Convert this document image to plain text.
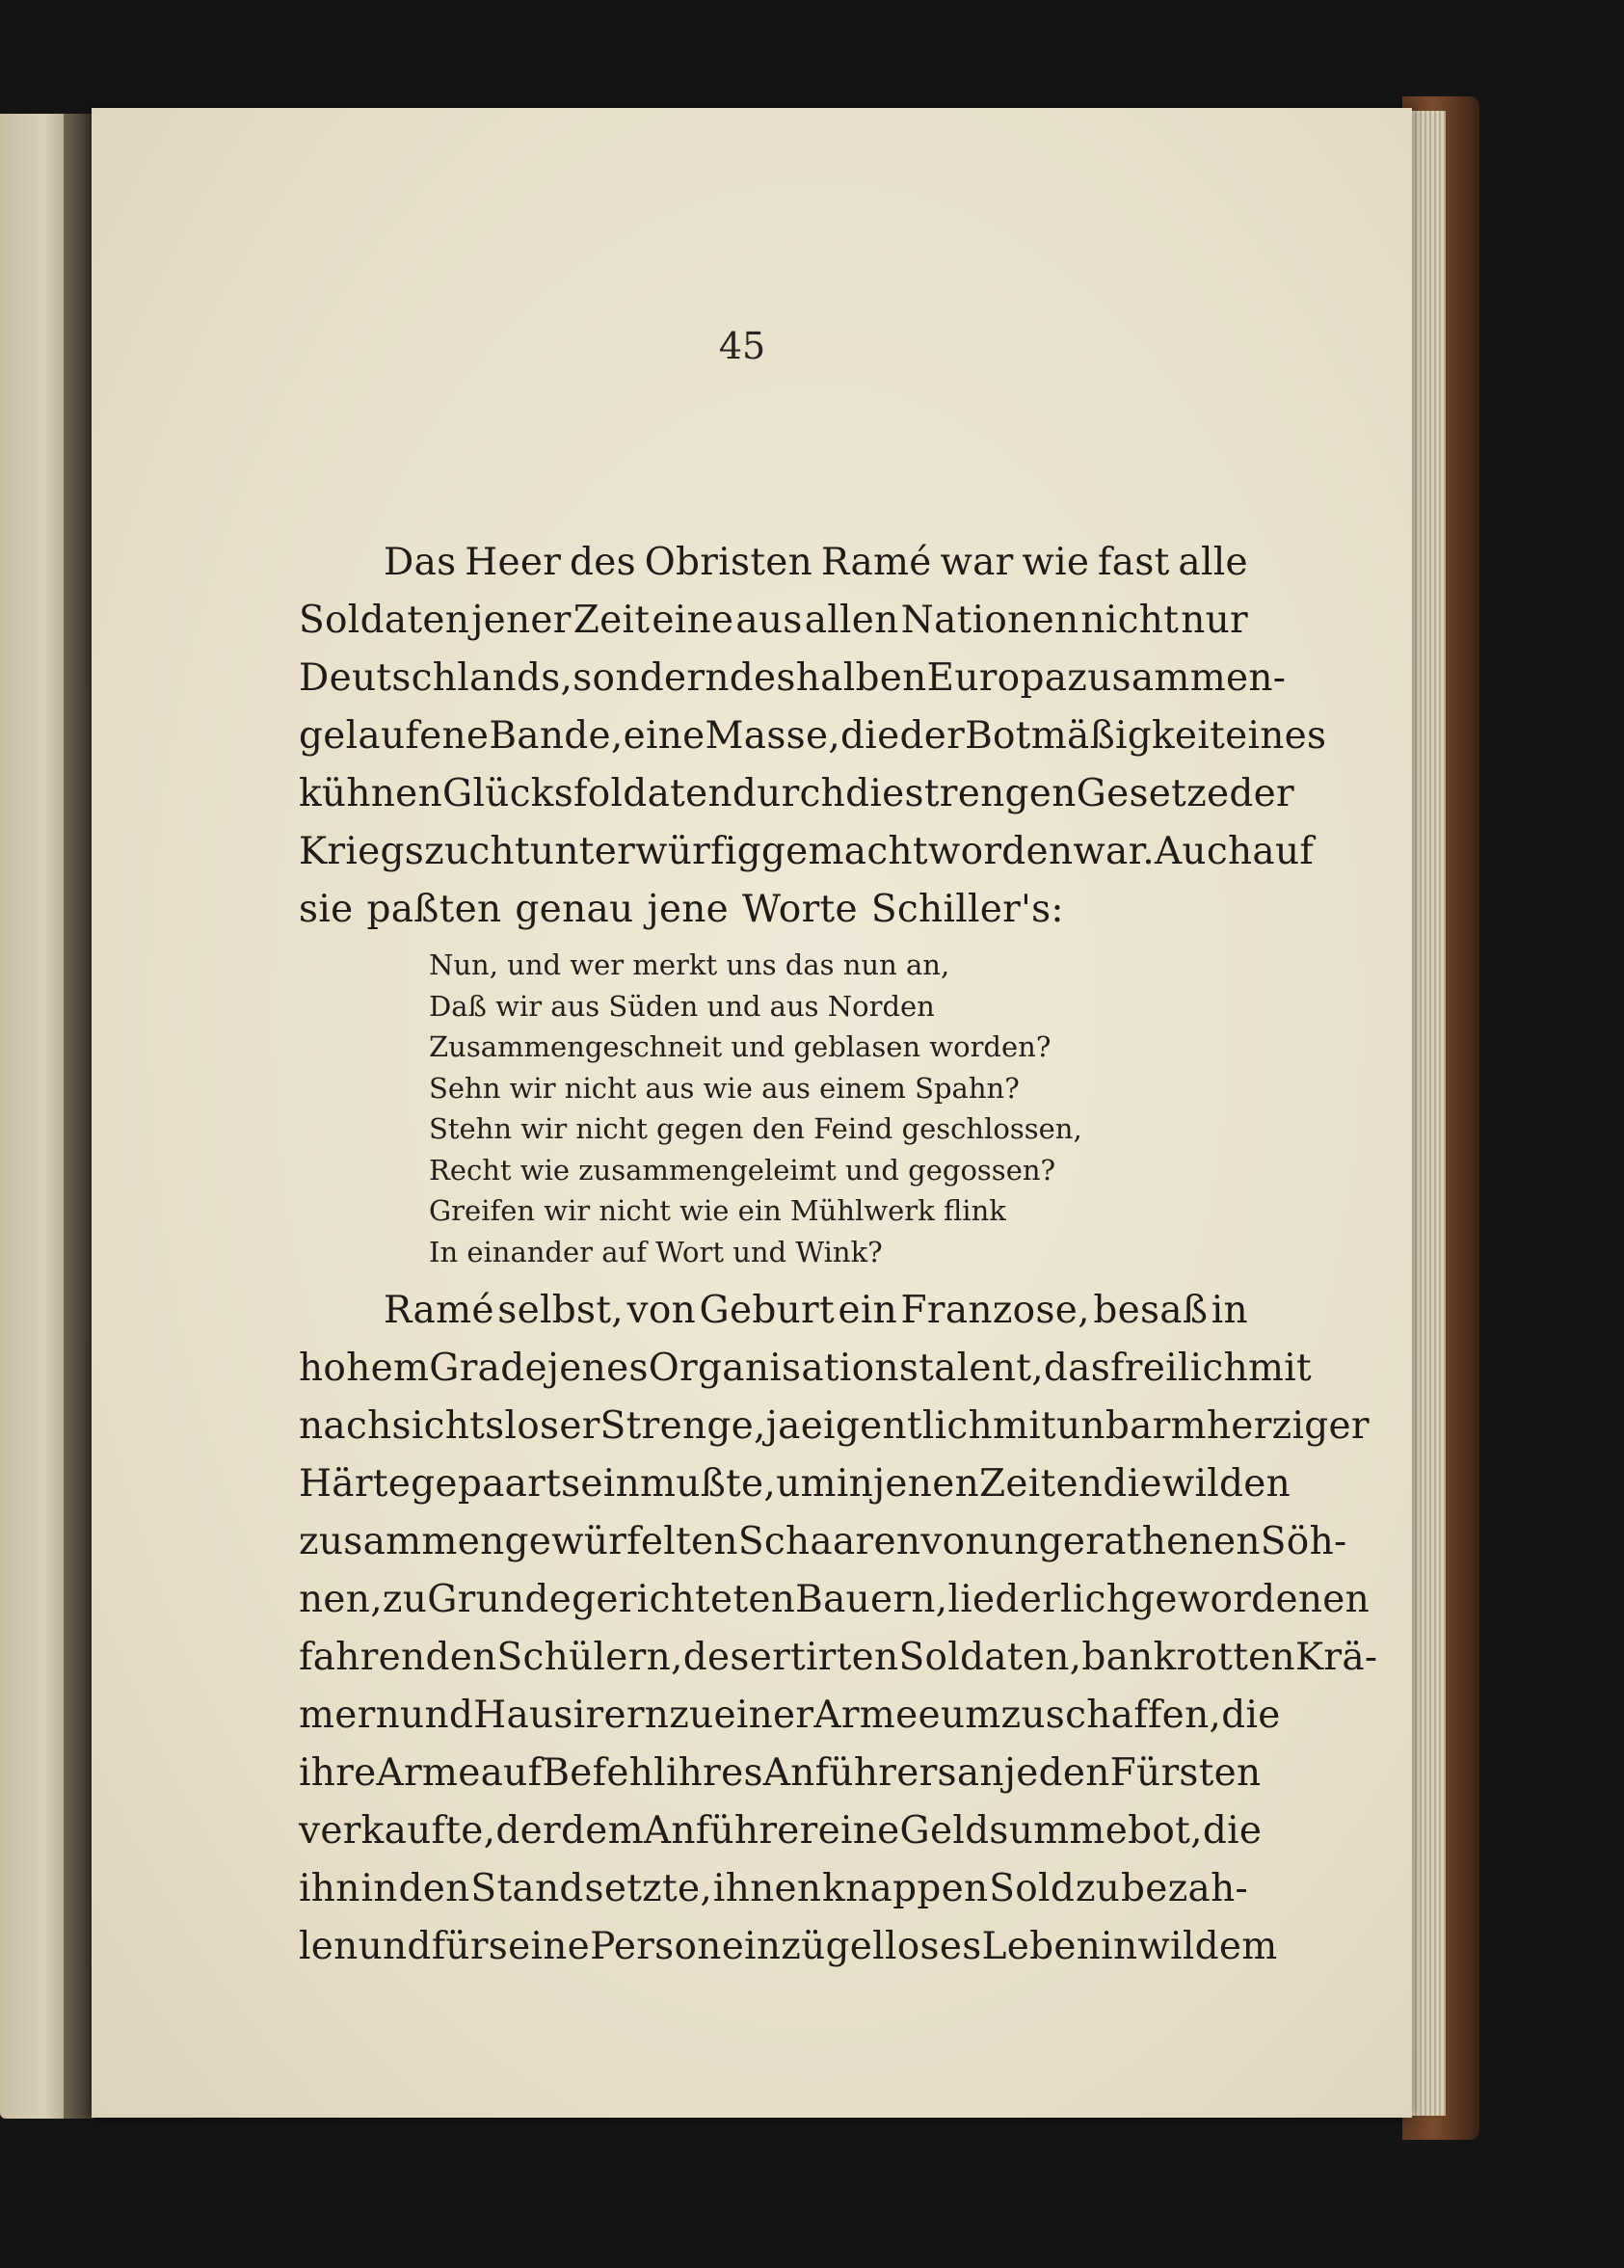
45
Das Heer des Obristen Ramé war wie fast alle
Soldaten jener Zeit eine aus allen Nationen nicht nur
Deutschlands, sondern des halben Europa zusammen-
gelaufene Bande, eine Masse, die der Botmäßigkeit eines
kühnen Glücksfoldaten durch die strengen Gesetze der
Kriegszucht unterwürfig gemacht worden war. Auch auf
sie paßten genau jene Worte Schiller's:
Nun, und wer merkt uns das nun an,
Daß wir aus Süden und aus Norden
Zusammengeschneit und geblasen worden?
Sehn wir nicht aus wie aus einem Spahn?
Stehn wir nicht gegen den Feind geschlossen,
Recht wie zusammengeleimt und gegossen?
Greifen wir nicht wie ein Mühlwerk flink
In einander auf Wort und Wink?
Ramé selbst, von Geburt ein Franzose, besaß in
hohem Grade jenes Organisationstalent, das freilich mit
nachsichtsloser Strenge, ja eigentlich mit unbarmherziger
Härte gepaart sein mußte, um in jenen Zeiten die wilden
zusammengewürfelten Schaaren von ungerathenen Söh-
nen, zu Grunde gerichteten Bauern, liederlich gewordenen
fahrenden Schülern, desertirten Soldaten, bankrotten Krä-
mern und Hausirern zu einer Armee umzuschaffen, die
ihre Arme auf Befehl ihres Anführers an jeden Fürsten
verkaufte, der dem Anführer eine Geldsumme bot, die
ihn in den Stand setzte, ihnen knappen Sold zu bezah-
len und für seine Person ein zügelloses Leben in wildem
